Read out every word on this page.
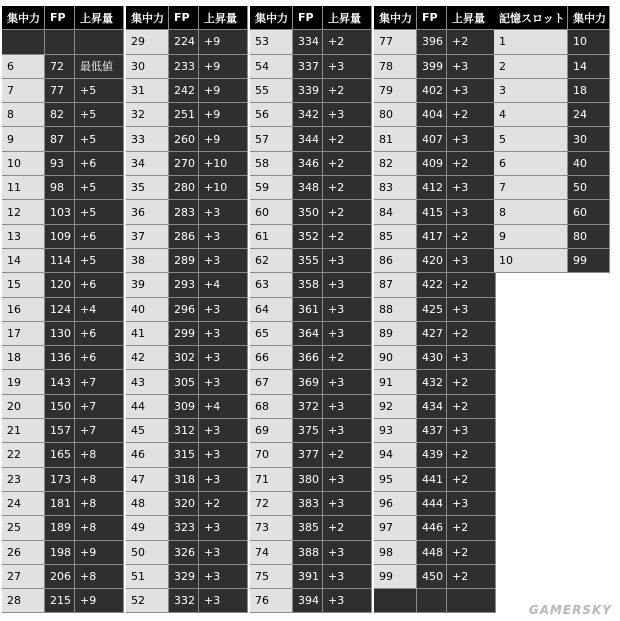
集中力	FP	上昇量

6	72	最低値
7	77	+5
8	82	+5
9	87	+5
10	93	+6
11	98	+5
12	103	+5
13	109	+6
14	114	+5
15	120	+6
16	124	+4
17	130	+6
18	136	+6
19	143	+7
20	150	+7
21	157	+7
22	165	+8
23	173	+8
24	181	+8
25	189	+8
26	198	+9
27	206	+8
28	215	+9
集中力	FP	上昇量
29	224	+9
30	233	+9
31	242	+9
32	251	+9
33	260	+9
34	270	+10
35	280	+10
36	283	+3
37	286	+3
38	289	+3
39	293	+4
40	296	+3
41	299	+3
42	302	+3
43	305	+3
44	309	+4
45	312	+3
46	315	+3
47	318	+3
48	320	+2
49	323	+3
50	326	+3
51	329	+3
52	332	+3
集中力	FP	上昇量
53	334	+2
54	337	+3
55	339	+2
56	342	+3
57	344	+2
58	346	+2
59	348	+2
60	350	+2
61	352	+2
62	355	+3
63	358	+3
64	361	+3
65	364	+3
66	366	+2
67	369	+3
68	372	+3
69	375	+3
70	377	+2
71	380	+3
72	383	+3
73	385	+2
74	388	+3
75	391	+3
76	394	+3
集中力	FP	上昇量
77	396	+2
78	399	+3
79	402	+3
80	404	+2
81	407	+3
82	409	+2
83	412	+3
84	415	+3
85	417	+2
86	420	+3
87	422	+2
88	425	+3
89	427	+2
90	430	+3
91	432	+2
92	434	+2
93	437	+3
94	439	+2
95	441	+2
96	444	+3
97	446	+2
98	448	+2
99	450	+2

記憶スロット	集中力
1	10
2	14
3	18
4	24
5	30
6	40
7	50
8	60
9	80
10	99
GAMERSKY
